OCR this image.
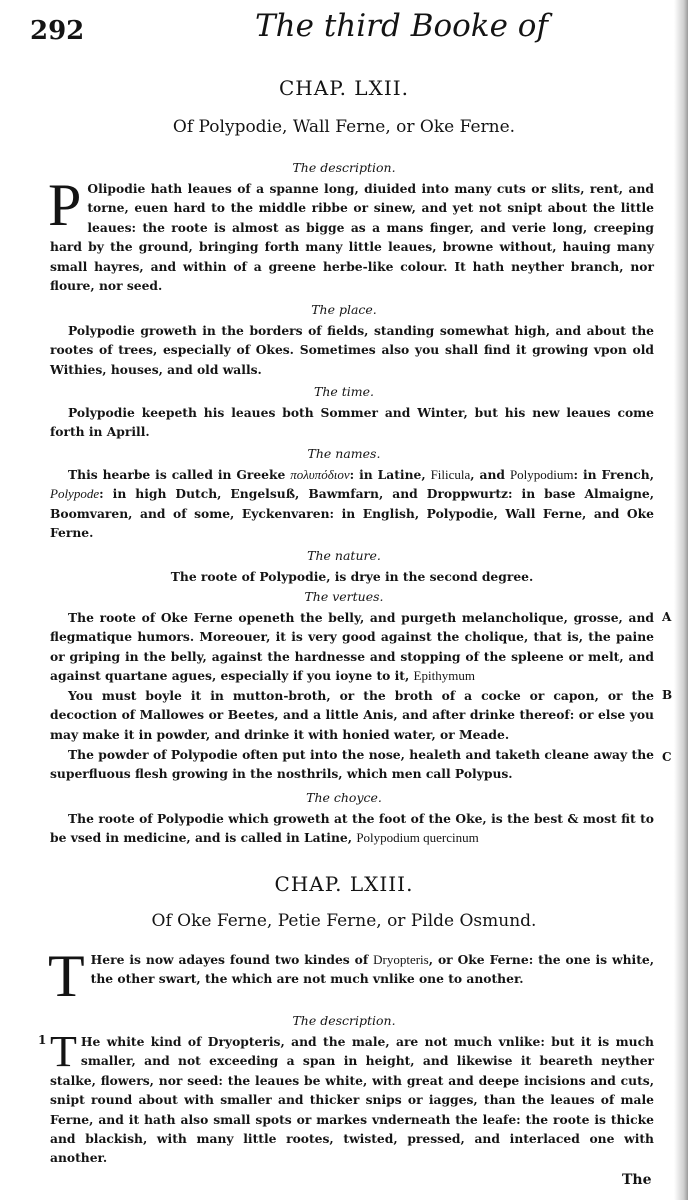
292	The third Booke of
CHAP. LXII.
Of Polypodie, Wall Ferne, or Oke Ferne.
The description.
P Olipodie hath leaues of a spanne long, diuided into many cuts or slits, rent, and torne, euen hard to the middle ribbe or sinew, and yet not snipt about the little leaues: the roote is almost as bigge as a mans finger, and verie long, creeping hard by the ground, bringing forth many little leaues, browne without, hauing many small hayres, and within of a greene herbe-like colour. It hath neyther branch, nor floure, nor seed.
The place.
Polypodie groweth in the borders of fields, standing somewhat high, and about the rootes of trees, especially of Okes. Sometimes also you shall find it growing vpon old Withies, houses, and old walls.
The time.
Polypodie keepeth his leaues both Sommer and Winter, but his new leaues come forth in Aprill.
The names.
This hearbe is called in Greeke πολυπόδιον: in Latine, Filicula, and Polypodium: in French, Polypode: in high Dutch, Engelsuß, Bawmfarn, and Droppwurtz: in base Almaigne, Boomvaren, and of some, Eyckenvaren: in English, Polypodie, Wall Ferne, and Oke Ferne.
The nature.
The roote of Polypodie, is drye in the second degree.
The vertues.
The roote of Oke Ferne openeth the belly, and purgeth melancholique, grosse, and flegmatique humors. Moreouer, it is very good against the cholique, that is, the paine or griping in the belly, against the hardnesse and stopping of the spleene or melt, and against quartane agues, especially if you ioyne to it, Epithymum
You must boyle it in mutton-broth, or the broth of a cocke or capon, or the decoction of Mallowes or Beetes, and a little Anis, and after drinke thereof: or else you may make it in powder, and drinke it with honied water, or Meade.
The powder of Polypodie often put into the nose, healeth and taketh cleane away the superfluous flesh growing in the nosthrils, which men call Polypus.
A
B
C
The choyce.
The roote of Polypodie which groweth at the foot of the Oke, is the best & most fit to be vsed in medicine, and is called in Latine, Polypodium quercinum
CHAP. LXIII.
Of Oke Ferne, Petie Ferne, or Pilde Osmund.
T Here is now adayes found two kindes of Dryopteris, or Oke Ferne: the one is white, the other swart, the which are not much vnlike one to another.
The description.
1 T He white kind of Dryopteris, and the male, are not much vnlike: but it is much smaller, and not exceeding a span in height, and likewise it beareth neyther stalke, flowers, nor seed: the leaues be white, with great and deepe incisions and cuts, snipt round about with smaller and thicker snips or iagges, than the leaues of male Ferne, and it hath also small spots or markes vnderneath the leafe: the roote is thicke and blackish, with many little rootes, twisted, pressed, and interlaced one with another.
The
